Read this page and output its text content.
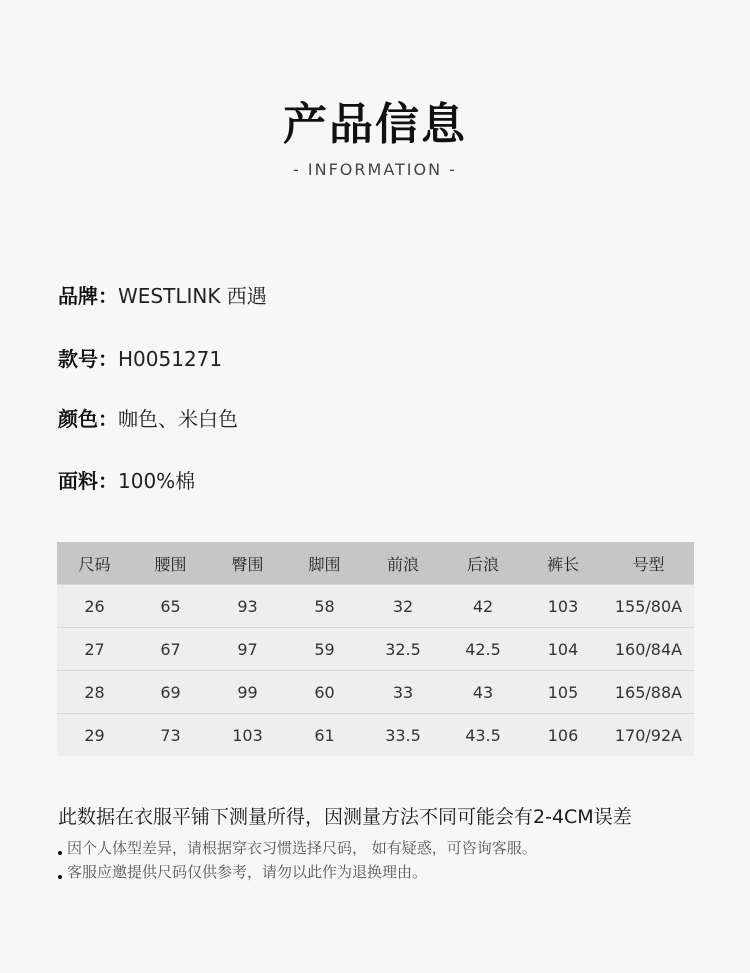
产品信息
- INFORMATION -
品牌：WESTLINK 西遇
款号：H0051271
颜色：咖色、米白色
面料：100%棉
尺码	腰围	臀围	脚围	前浪	后浪	裤长	号型
26	65	93	58	32	42	103	155/80A
27	67	97	59	32.5	42.5	104	160/84A
28	69	99	60	33	43	105	165/88A
29	73	103	61	33.5	43.5	106	170/92A
此数据在衣服平铺下测量所得，因测量方法不同可能会有2-4CM误差
因个人体型差异，请根据穿衣习惯选择尺码， 如有疑惑，可咨询客服。
客服应邀提供尺码仅供参考，请勿以此作为退换理由。
